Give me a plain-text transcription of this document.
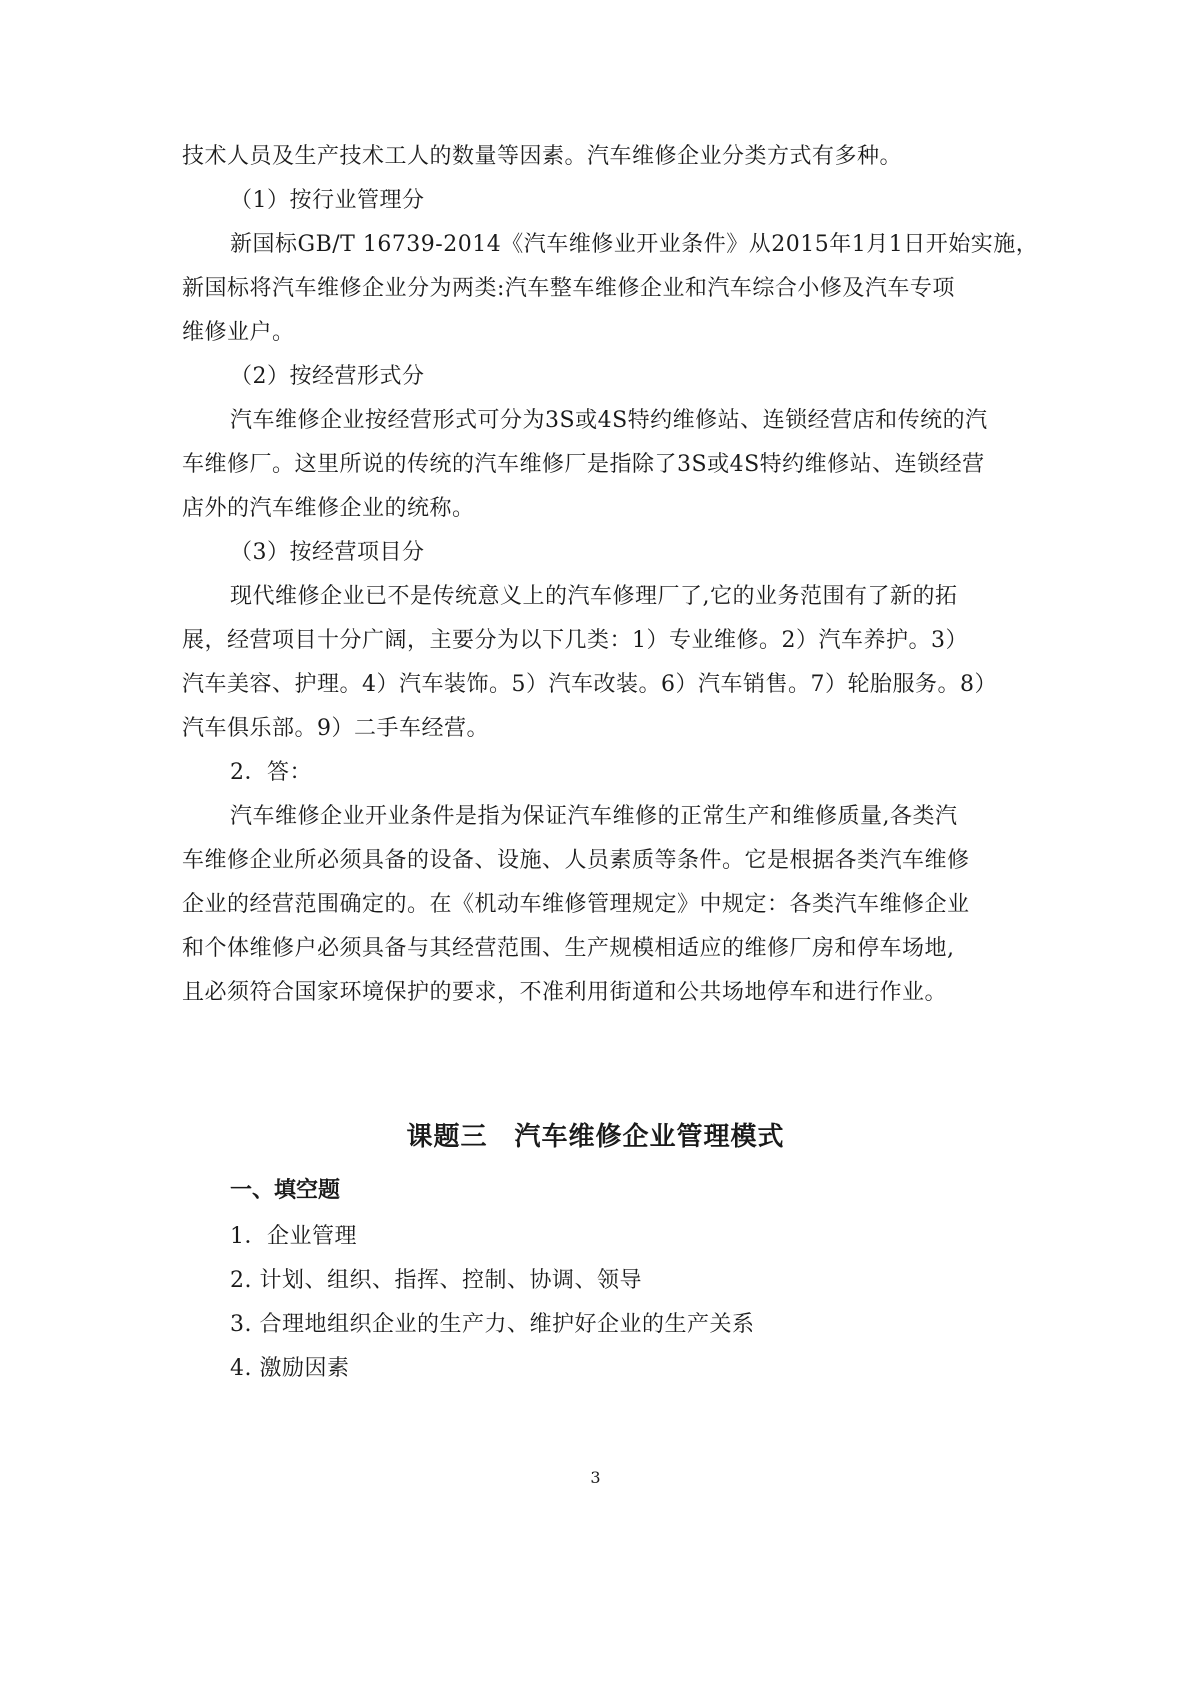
技术人员及生产技术工人的数量等因素。汽车维修企业分类方式有多种。
（1）按行业管理分
新国标GB/T 16739-2014《汽车维修业开业条件》从2015年1月1日开始实施，
新国标将汽车维修企业分为两类:汽车整车维修企业和汽车综合小修及汽车专项
维修业户。
（2）按经营形式分
汽车维修企业按经营形式可分为3S或4S特约维修站、连锁经营店和传统的汽
车维修厂。这里所说的传统的汽车维修厂是指除了3S或4S特约维修站、连锁经营
店外的汽车维修企业的统称。
（3）按经营项目分
现代维修企业已不是传统意义上的汽车修理厂了,它的业务范围有了新的拓
展，经营项目十分广阔，主要分为以下几类：1）专业维修。2）汽车养护。3）
汽车美容、护理。4）汽车装饰。5）汽车改装。6）汽车销售。7）轮胎服务。8）
汽车俱乐部。9）二手车经营。
2．答：
汽车维修企业开业条件是指为保证汽车维修的正常生产和维修质量,各类汽
车维修企业所必须具备的设备、设施、人员素质等条件。它是根据各类汽车维修
企业的经营范围确定的。在《机动车维修管理规定》中规定：各类汽车维修企业
和个体维修户必须具备与其经营范围、生产规模相适应的维修厂房和停车场地,
且必须符合国家环境保护的要求，不准利用街道和公共场地停车和进行作业。
课题三　汽车维修企业管理模式
一、填空题
1．企业管理
2. 计划、组织、指挥、控制、协调、领导
3. 合理地组织企业的生产力、维护好企业的生产关系
4. 激励因素
3
